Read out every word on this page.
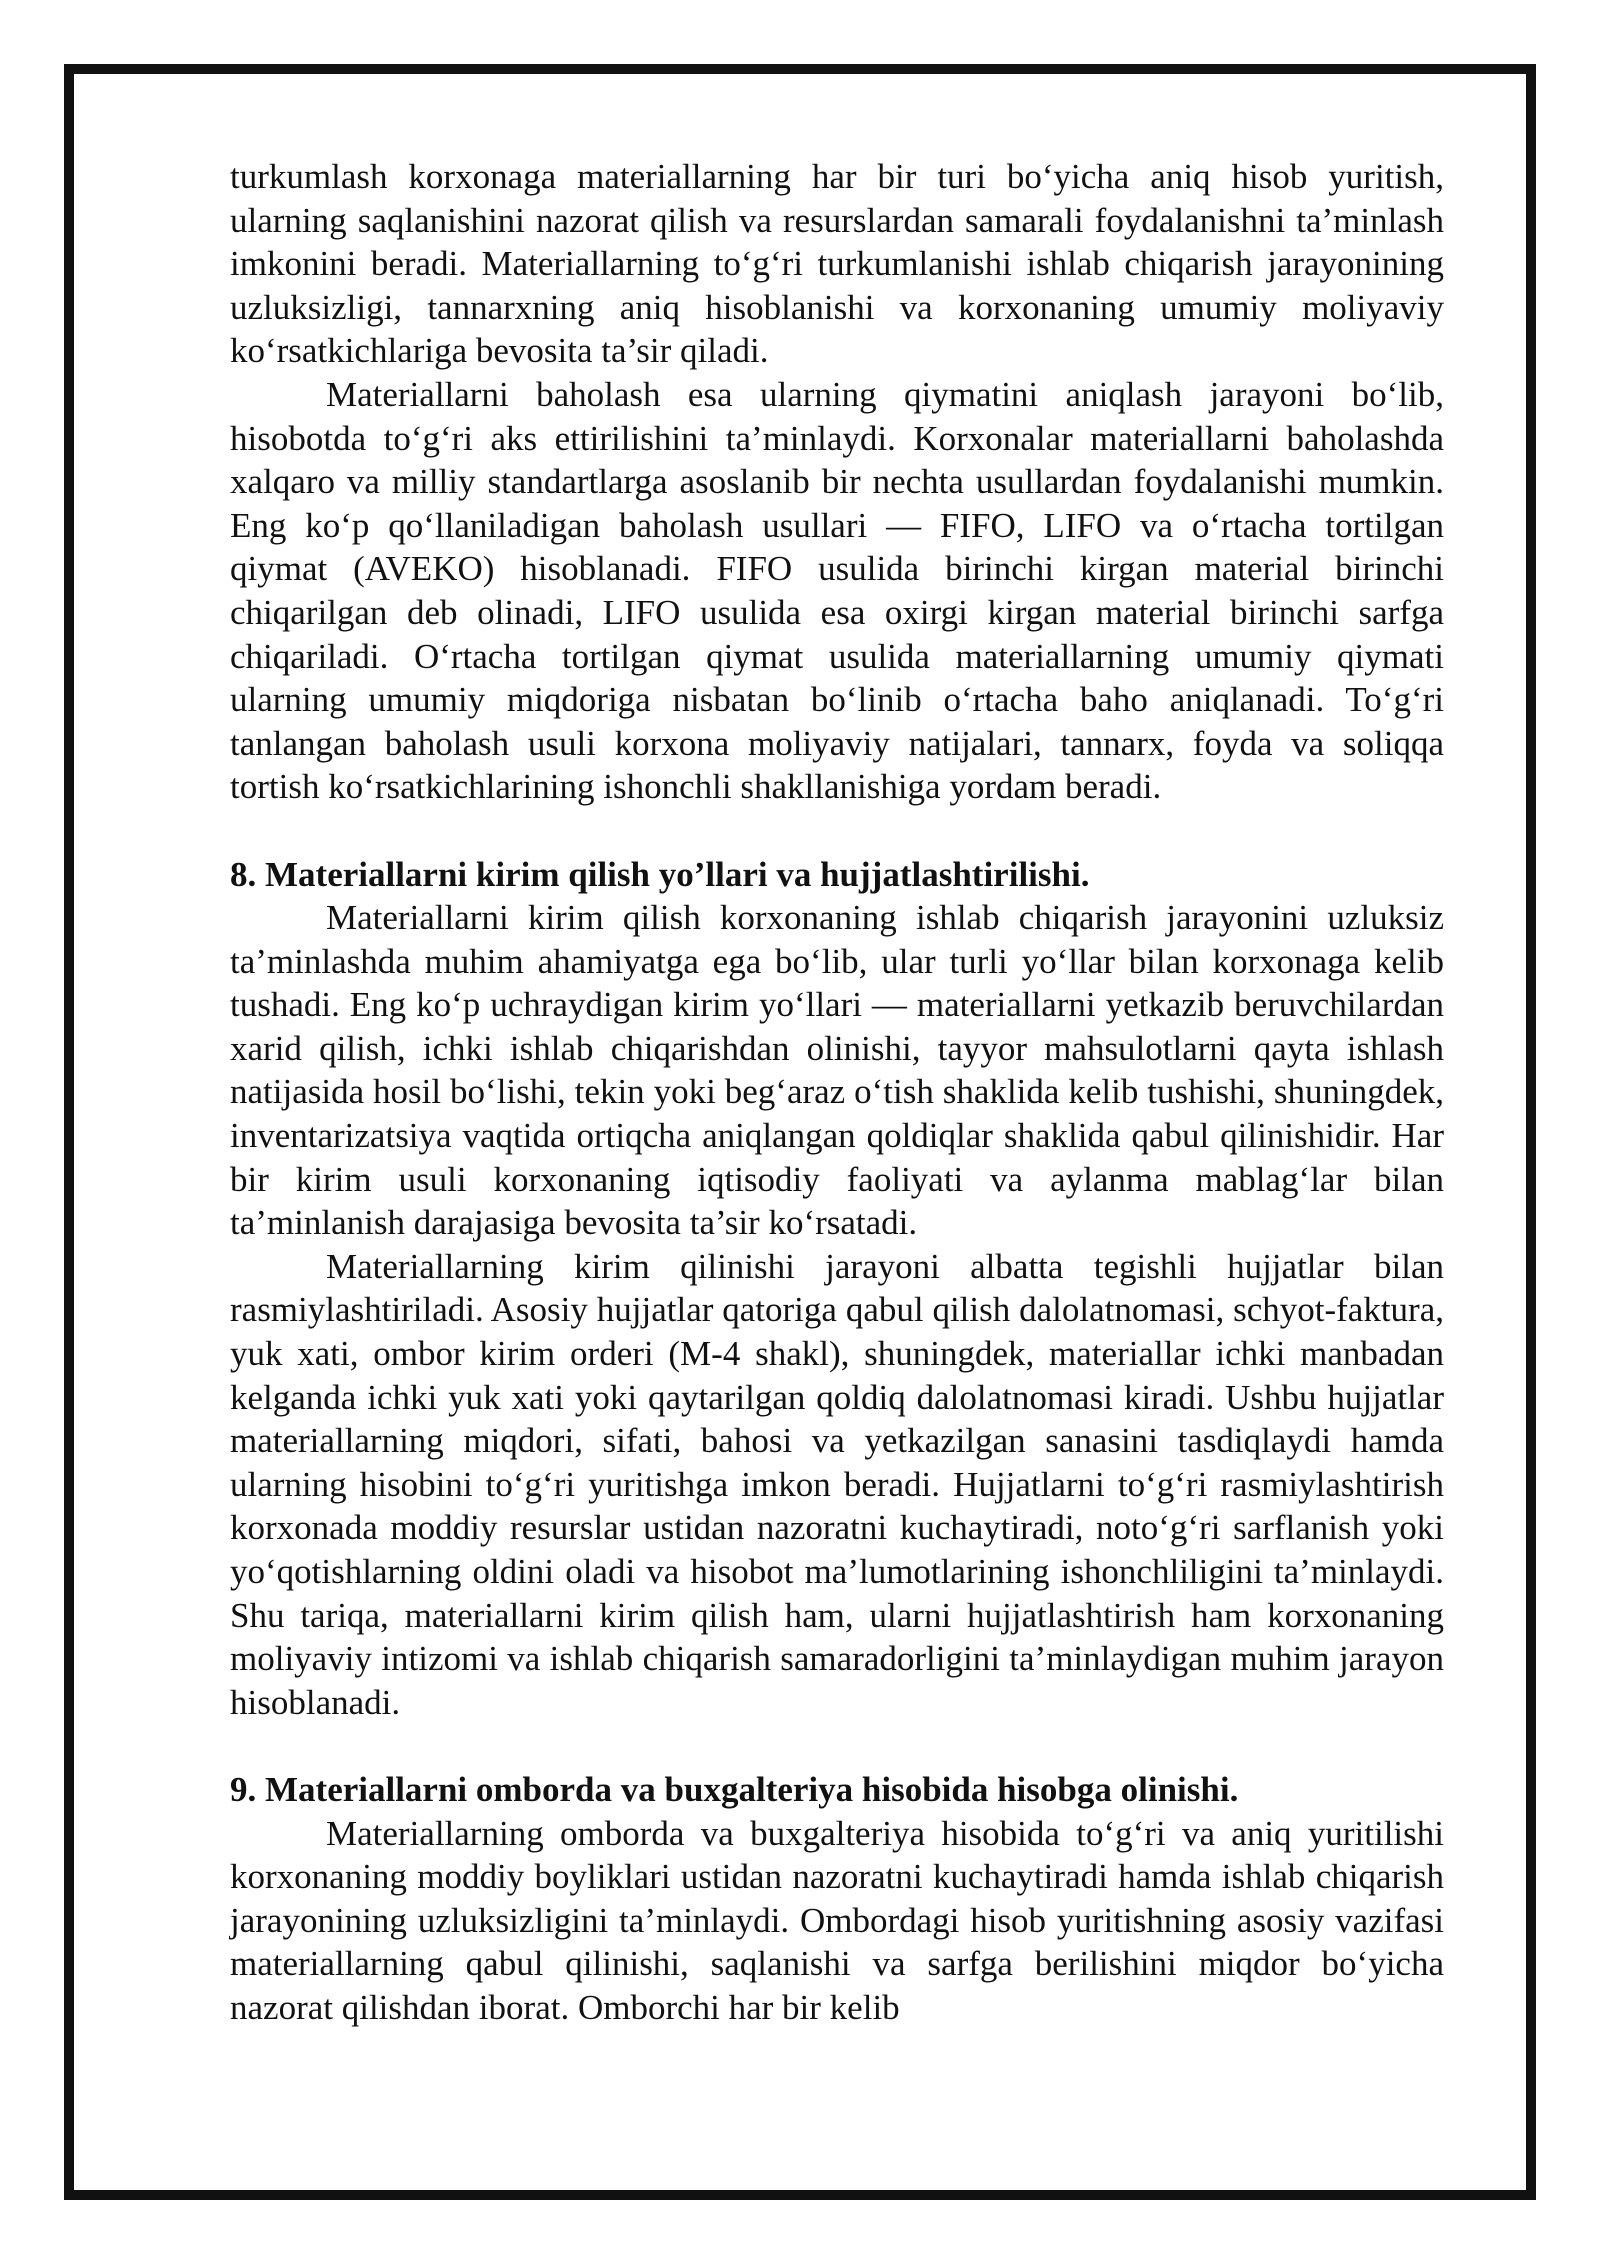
turkumlash korxonaga materiallarning har bir turi bo‘yicha aniq hisob yuritish, ularning saqlanishini nazorat qilish va resurslardan samarali foydalanishni ta’minlash imkonini beradi. Materiallarning to‘g‘ri turkumlanishi ishlab chiqarish jarayonining uzluksizligi, tannarxning aniq hisoblanishi va korxonaning umumiy moliyaviy ko‘rsatkichlariga bevosita ta’sir qiladi.

Materiallarni baholash esa ularning qiymatini aniqlash jarayoni bo‘lib, hisobotda to‘g‘ri aks ettirilishini ta’minlaydi. Korxonalar materiallarni baholashda xalqaro va milliy standartlarga asoslanib bir nechta usullardan foydalanishi mumkin. Eng ko‘p qo‘llaniladigan baholash usullari — FIFO, LIFO va o‘rtacha tortilgan qiymat (AVEKO) hisoblanadi. FIFO usulida birinchi kirgan material birinchi chiqarilgan deb olinadi, LIFO usulida esa oxirgi kirgan material birinchi sarfga chiqariladi. O‘rtacha tortilgan qiymat usulida materiallarning umumiy qiymati ularning umumiy miqdoriga nisbatan bo‘linib o‘rtacha baho aniqlanadi. To‘g‘ri tanlangan baholash usuli korxona moliyaviy natijalari, tannarx, foyda va soliqqa tortish ko‘rsatkichlarining ishonchli shakllanishiga yordam beradi.

8. Materiallarni kirim qilish yo’llari va hujjatlashtirilishi.

Materiallarni kirim qilish korxonaning ishlab chiqarish jarayonini uzluksiz ta’minlashda muhim ahamiyatga ega bo‘lib, ular turli yo‘llar bilan korxonaga kelib tushadi. Eng ko‘p uchraydigan kirim yo‘llari — materiallarni yetkazib beruvchilardan xarid qilish, ichki ishlab chiqarishdan olinishi, tayyor mahsulotlarni qayta ishlash natijasida hosil bo‘lishi, tekin yoki beg‘araz o‘tish shaklida kelib tushishi, shuningdek, inventarizatsiya vaqtida ortiqcha aniqlangan qoldiqlar shaklida qabul qilinishidir. Har bir kirim usuli korxonaning iqtisodiy faoliyati va aylanma mablag‘lar bilan ta’minlanish darajasiga bevosita ta’sir ko‘rsatadi.

Materiallarning kirim qilinishi jarayoni albatta tegishli hujjatlar bilan rasmiylashtiriladi. Asosiy hujjatlar qatoriga qabul qilish dalolatnomasi, schyot-faktura, yuk xati, ombor kirim orderi (M-4 shakl), shuningdek, materiallar ichki manbadan kelganda ichki yuk xati yoki qaytarilgan qoldiq dalolatnomasi kiradi. Ushbu hujjatlar materiallarning miqdori, sifati, bahosi va yetkazilgan sanasini tasdiqlaydi hamda ularning hisobini to‘g‘ri yuritishga imkon beradi. Hujjatlarni to‘g‘ri rasmiylashtirish korxonada moddiy resurslar ustidan nazoratni kuchaytiradi, noto‘g‘ri sarflanish yoki yo‘qotishlarning oldini oladi va hisobot ma’lumotlarining ishonchliligini ta’minlaydi. Shu tariqa, materiallarni kirim qilish ham, ularni hujjatlashtirish ham korxonaning moliyaviy intizomi va ishlab chiqarish samaradorligini ta’minlaydigan muhim jarayon hisoblanadi.

9. Materiallarni omborda va buxgalteriya hisobida hisobga olinishi.

Materiallarning omborda va buxgalteriya hisobida to‘g‘ri va aniq yuritilishi korxonaning moddiy boyliklari ustidan nazoratni kuchaytiradi hamda ishlab chiqarish jarayonining uzluksizligini ta’minlaydi. Ombordagi hisob yuritishning asosiy vazifasi materiallarning qabul qilinishi, saqlanishi va sarfga berilishini miqdor bo‘yicha nazorat qilishdan iborat. Omborchi har bir kelib
